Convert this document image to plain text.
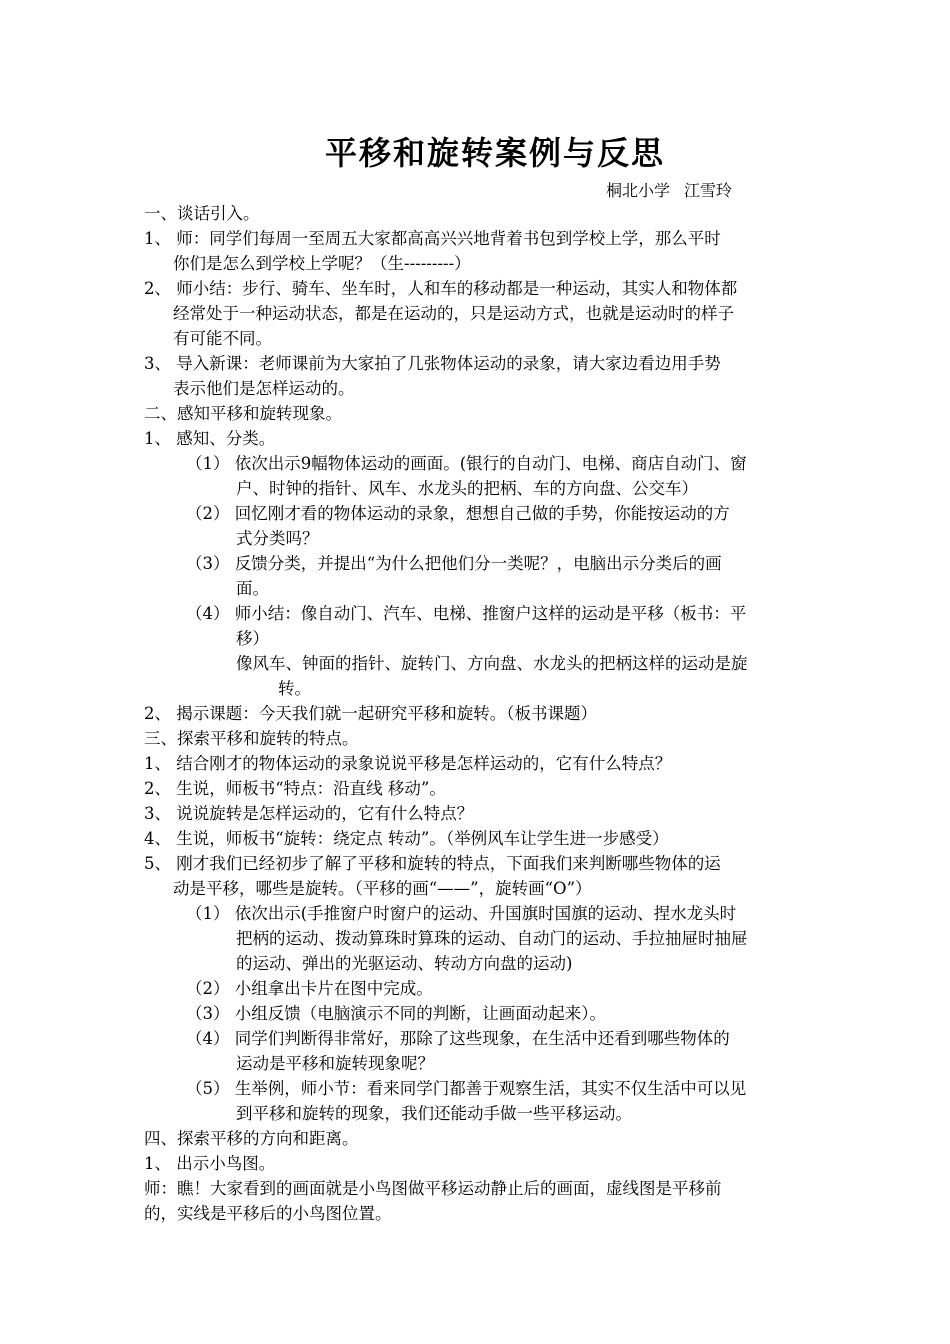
平移和旋转案例与反思
桐北小学 江雪玲
一、谈话引入。
1、 师：同学们每周一至周五大家都高高兴兴地背着书包到学校上学，那么平时
你们是怎么到学校上学呢？（生---------）
2、 师小结：步行、骑车、坐车时，人和车的移动都是一种运动，其实人和物体都
经常处于一种运动状态，都是在运动的，只是运动方式，也就是运动时的样子
有可能不同。
3、 导入新课：老师课前为大家拍了几张物体运动的录象，请大家边看边用手势
表示他们是怎样运动的。
二、感知平移和旋转现象。
1、 感知、分类。
（1） 依次出示9幅物体运动的画面。(银行的自动门、电梯、商店自动门、窗
户、时钟的指针、风车、水龙头的把柄、车的方向盘、公交车）
（2） 回忆刚才看的物体运动的录象，想想自己做的手势，你能按运动的方
式分类吗？
（3） 反馈分类，并提出“为什么把他们分一类呢？，电脑出示分类后的画
面。
（4） 师小结：像自动门、汽车、电梯、推窗户这样的运动是平移（板书：平
移）
像风车、钟面的指针、旋转门、方向盘、水龙头的把柄这样的运动是旋
转。
2、 揭示课题：今天我们就一起研究平移和旋转。（板书课题）
三、探索平移和旋转的特点。
1、 结合刚才的物体运动的录象说说平移是怎样运动的，它有什么特点？
2、 生说，师板书“特点：沿直线 移动”。
3、 说说旋转是怎样运动的，它有什么特点？
4、 生说，师板书“旋转：绕定点 转动”。（举例风车让学生进一步感受）
5、 刚才我们已经初步了解了平移和旋转的特点，下面我们来判断哪些物体的运
动是平移，哪些是旋转。（平移的画“——”，旋转画“O”）
（1） 依次出示(手推窗户时窗户的运动、升国旗时国旗的运动、捏水龙头时
把柄的运动、拨动算珠时算珠的运动、自动门的运动、手拉抽屉时抽屉
的运动、弹出的光驱运动、转动方向盘的运动)
（2） 小组拿出卡片在图中完成。
（3） 小组反馈（电脑演示不同的判断，让画面动起来）。
（4） 同学们判断得非常好，那除了这些现象，在生活中还看到哪些物体的
运动是平移和旋转现象呢？
（5） 生举例，师小节：看来同学门都善于观察生活，其实不仅生活中可以见
到平移和旋转的现象，我们还能动手做一些平移运动。
四、探索平移的方向和距离。
1、 出示小鸟图。
师：瞧！大家看到的画面就是小鸟图做平移运动静止后的画面，虚线图是平移前
的，实线是平移后的小鸟图位置。
